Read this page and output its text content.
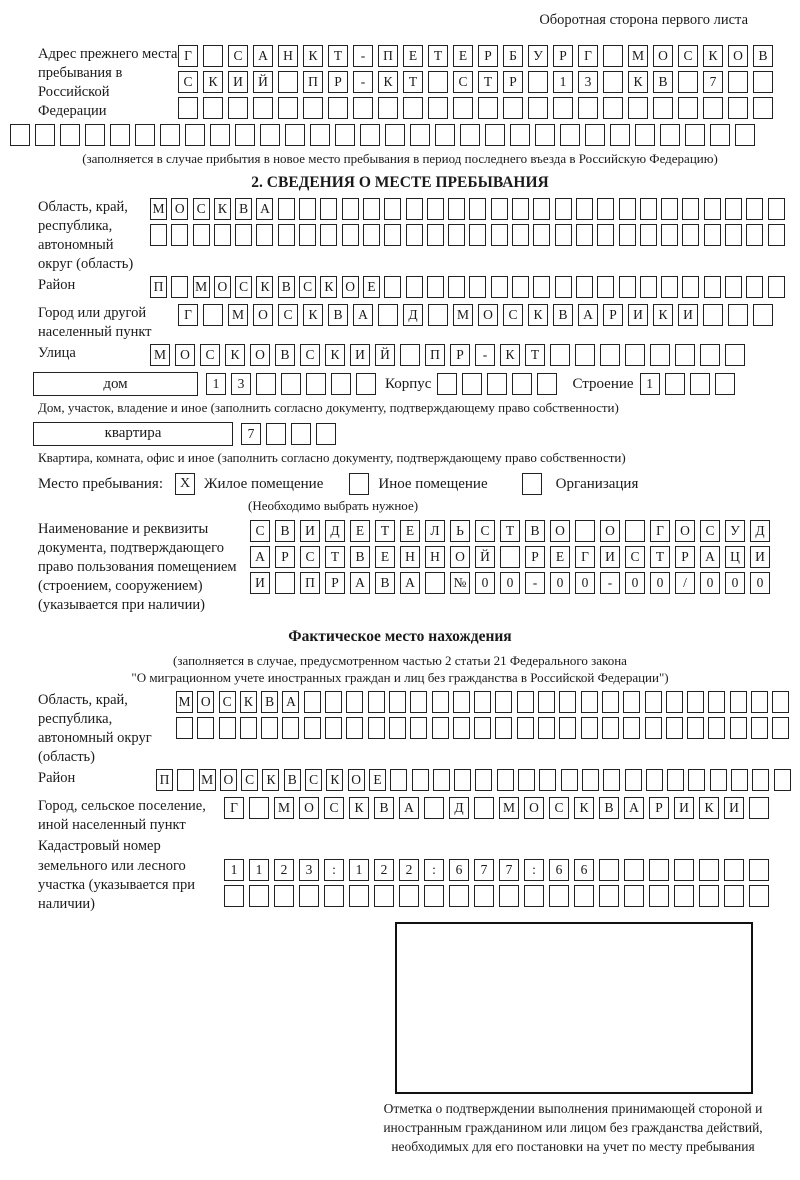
Оборотная сторона первого листа
Адрес прежнего места пребывания в Российской Федерации
Г	С	А	Н	К	Т	-	П	Е	Т	Е	Р	Б	У	Р	Г	М	О	С	К	О	В
С	К	И	Й	П	Р	-	К	Т	С	Т	Р	1	3	К	В	7
(заполняется в случае прибытия в новое место пребывания в период последнего въезда в Российскую Федерацию)
2. СВЕДЕНИЯ О МЕСТЕ ПРЕБЫВАНИЯ
Область, край, республика, автономный округ (область)
М О С К В А
Район	П М О С К В С К О Е
Город или другой населенный пункт
Г	М	О	С	К	В	А	Д	М	О	С	К	В	А	Р	И	К	И
Улица	М	О	С	К	О	В	С	К	И	Й	П	Р	-	К	Т
дом	1	3	Корпус	Строение 1
Дом, участок, владение и иное (заполнить согласно документу, подтверждающему право собственности)
квартира	7
Квартира, комната, офис и иное (заполнить согласно документу, подтверждающему право собственности)
Место пребывания:	X Жилое помещение	Иное помещение	Организация
(Необходимо выбрать нужное)
Наименование и реквизиты документа, подтверждающего право пользования помещением (строением, сооружением) (указывается при наличии)
С	В	И	Д	Е	Т	Е	Л	Ь	С	Т	В	О	О	Г	О	С	У	Д
А	Р	С	Т	В	Е	Н	Н	О	Й	Р	Е	Г	И	С	Т	Р	А	Ц	И
И	П	Р	А	В	А	№	0	0	-	0	0	-	0	0	/	0	0	0
Фактическое место нахождения
(заполняется в случае, предусмотренном частью 2 статьи 21 Федерального закона
"О миграционном учете иностранных граждан и лиц без гражданства в Российской Федерации")
Область, край, республика, автономный округ (область)
М О С К В А
Район	П М О С К В С К О Е
Город, сельское поселение, иной населенный пункт
Г	М	О	С	К	В	А	Д	М	О	С	К	В	А	Р	И	К	И
Кадастровый номер земельного или лесного участка (указывается при наличии)
1	1	2	3	:	1	2	2	:	6	7	7	:	6	6
Отметка о подтверждении выполнения принимающей стороной и иностранным гражданином или лицом без гражданства действий, необходимых для его постановки на учет по месту пребывания
